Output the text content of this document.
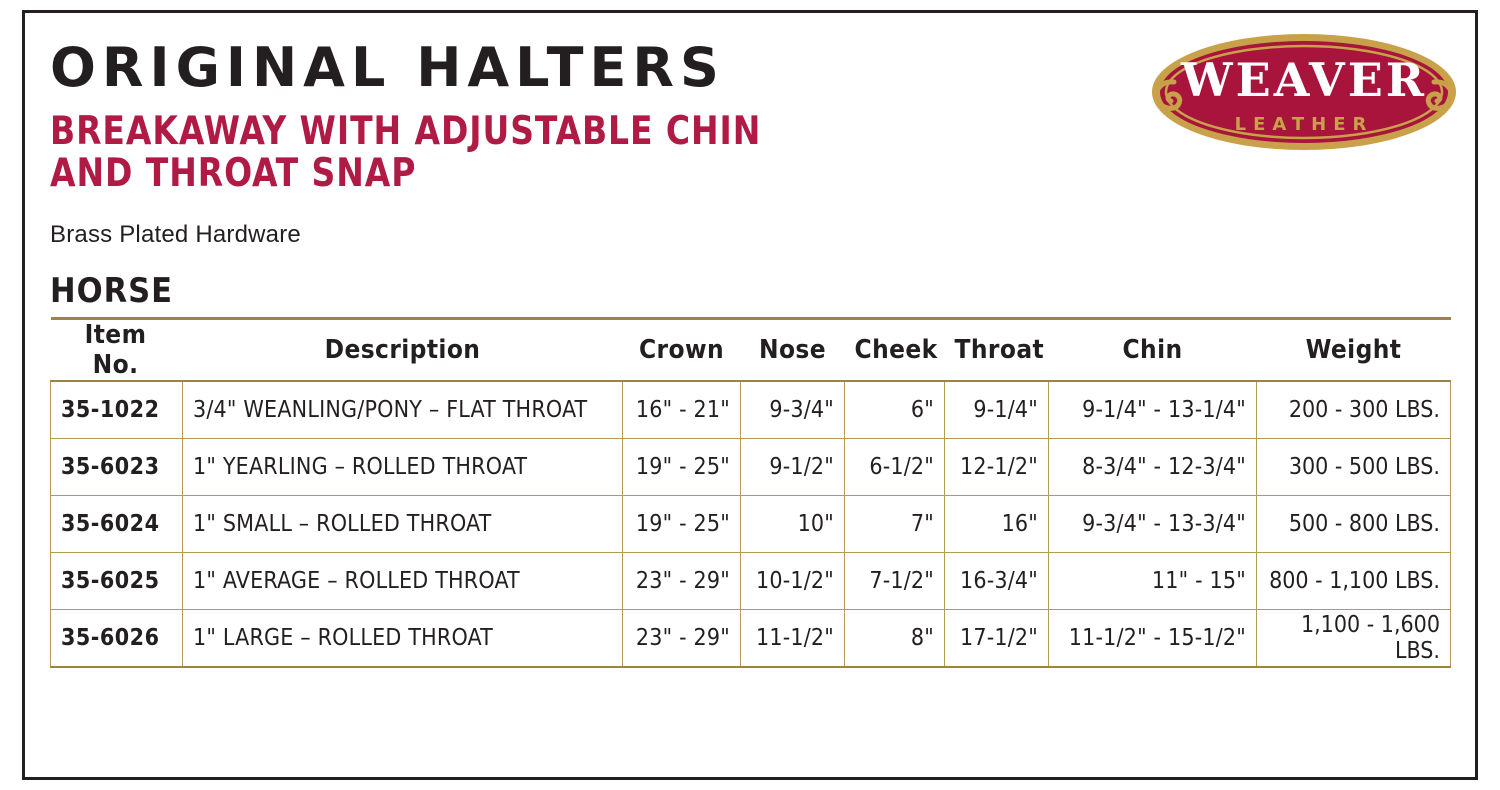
WEAVER
LEATHER
ORIGINAL HALTERS
BREAKAWAY WITH ADJUSTABLE CHIN AND THROAT SNAP

Brass Plated Hardware

HORSE
Item No.	Description	Crown	Nose	Cheek	Throat	Chin	Weight
35-1022	3/4" WEANLING/PONY – FLAT THROAT	16" - 21"	9-3/4"	6"	9-1/4"	9-1/4" - 13-1/4"	200 - 300 LBS.
35-6023	1" YEARLING – ROLLED THROAT	19" - 25"	9-1/2"	6-1/2"	12-1/2"	8-3/4" - 12-3/4"	300 - 500 LBS.
35-6024	1" SMALL – ROLLED THROAT	19" - 25"	10"	7"	16"	9-3/4" - 13-3/4"	500 - 800 LBS.
35-6025	1" AVERAGE – ROLLED THROAT	23" - 29"	10-1/2"	7-1/2"	16-3/4"	11" - 15"	800 - 1,100 LBS.
35-6026	1" LARGE – ROLLED THROAT	23" - 29"	11-1/2"	8"	17-1/2"	11-1/2" - 15-1/2"	1,100 - 1,600 LBS.
